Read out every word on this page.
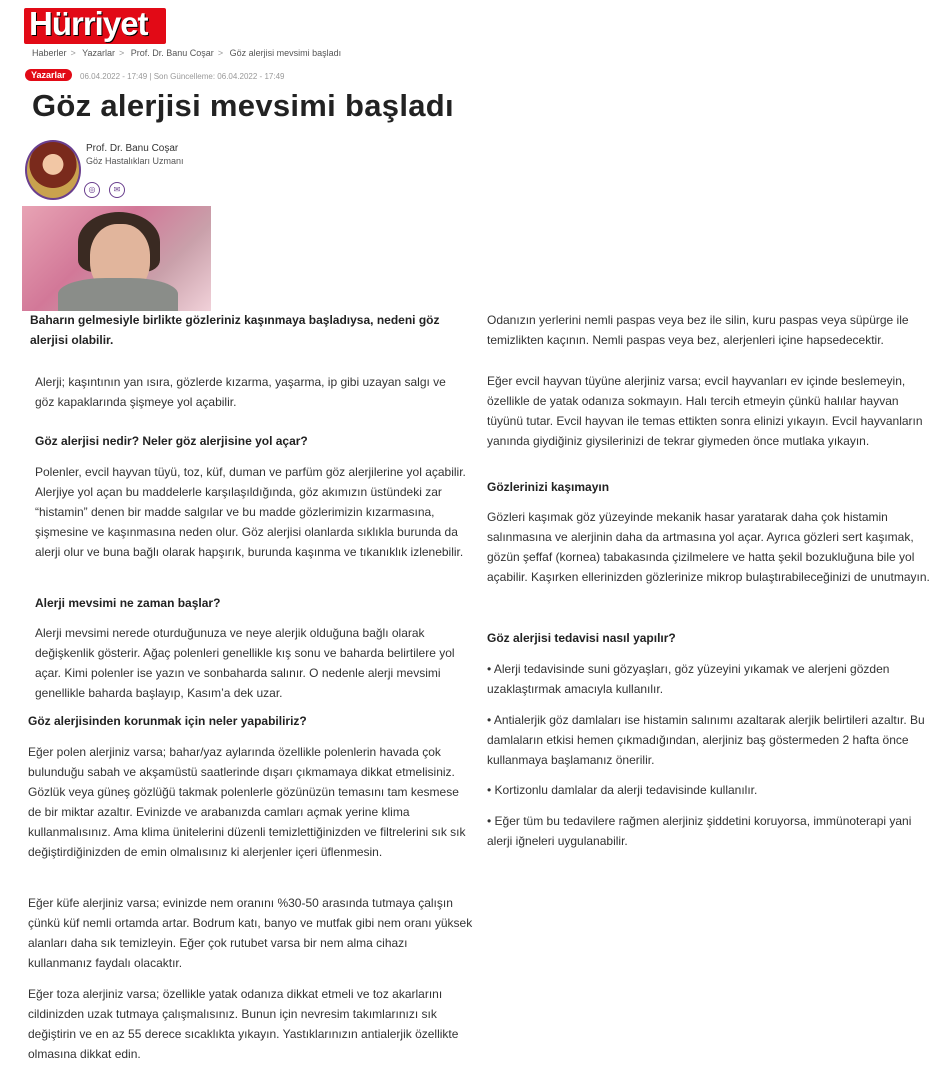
Hürriyet
Haberler > Yazarlar > Prof. Dr. Banu Coşar > Göz alerjisi mevsimi başladı
Yazarlar	06.04.2022 - 17:49 | Son Güncelleme: 06.04.2022 - 17:49
Göz alerjisi mevsimi başladı
Prof. Dr. Banu Coşar
Göz Hastalıkları Uzmanı
◎	✉

Baharın gelmesiyle birlikte gözleriniz kaşınmaya başladıysa, nedeni göz alerjisi olabilir.

Alerji; kaşıntının yan ısıra, gözlerde kızarma, yaşarma, ip gibi uzayan salgı ve göz kapaklarında şişmeye yol açabilir.

Göz alerjisi nedir? Neler göz alerjisine yol açar?

Polenler, evcil hayvan tüyü, toz, küf, duman ve parfüm göz alerjilerine yol açabilir. Alerjiye yol açan bu maddelerle karşılaşıldığında, göz akımızın üstündeki zar “histamin” denen bir madde salgılar ve bu madde gözlerimizin kızarmasına, şişmesine ve kaşınmasına neden olur. Göz alerjisi olanlarda sıklıkla burunda da alerji olur ve buna bağlı olarak hapşırık, burunda kaşınma ve tıkanıklık izlenebilir.

Alerji mevsimi ne zaman başlar?

Alerji mevsimi nerede oturduğunuza ve neye alerjik olduğuna bağlı olarak değişkenlik gösterir. Ağaç polenleri genellikle kış sonu ve baharda belirtilere yol açar. Kimi polenler ise yazın ve sonbaharda salınır. O nedenle alerji mevsimi genellikle baharda başlayıp, Kasım’a dek uzar.

Göz alerjisinden korunmak için neler yapabiliriz?

Eğer polen alerjiniz varsa; bahar/yaz aylarında özellikle polenlerin havada çok bulunduğu sabah ve akşamüstü saatlerinde dışarı çıkmamaya dikkat etmelisiniz. Gözlük veya güneş gözlüğü takmak polenlerle gözünüzün temasını tam kesmese de bir miktar azaltır. Evinizde ve arabanızda camları açmak yerine klima kullanmalısınız. Ama klima ünitelerini düzenli temizlettiğinizden ve filtrelerini sık sık değiştirdiğinizden de emin olmalısınız ki alerjenler içeri üflenmesin.

Eğer küfe alerjiniz varsa; evinizde nem oranını %30-50 arasında tutmaya çalışın çünkü küf nemli ortamda artar. Bodrum katı, banyo ve mutfak gibi nem oranı yüksek alanları daha sık temizleyin. Eğer çok rutubet varsa bir nem alma cihazı kullanmanız faydalı olacaktır.

Eğer toza alerjiniz varsa; özellikle yatak odanıza dikkat etmeli ve toz akarlarını cildinizden uzak tutmaya çalışmalısınız. Bunun için nevresim takımlarınızı sık değiştirin ve en az 55 derece sıcaklıkta yıkayın. Yastıklarınızın antialerjik özellikte olmasına dikkat edin.

Odanızın yerlerini nemli paspas veya bez ile silin, kuru paspas veya süpürge ile temizlikten kaçının. Nemli paspas veya bez, alerjenleri içine hapsedecektir.

Eğer evcil hayvan tüyüne alerjiniz varsa; evcil hayvanları ev içinde beslemeyin, özellikle de yatak odanıza sokmayın. Halı tercih etmeyin çünkü halılar hayvan tüyünü tutar. Evcil hayvan ile temas ettikten sonra elinizi yıkayın. Evcil hayvanların yanında giydiğiniz giysilerinizi de tekrar giymeden önce mutlaka yıkayın.

Gözlerinizi kaşımayın

Gözleri kaşımak göz yüzeyinde mekanik hasar yaratarak daha çok histamin salınmasına ve alerjinin daha da artmasına yol açar. Ayrıca gözleri sert kaşımak, gözün şeffaf (kornea) tabakasında çizilmelere ve hatta şekil bozukluğuna bile yol açabilir. Kaşırken ellerinizden gözlerinize mikrop bulaştırabileceğinizi de unutmayın.

Göz alerjisi tedavisi nasıl yapılır?

• Alerji tedavisinde suni gözyaşları, göz yüzeyini yıkamak ve alerjeni gözden uzaklaştırmak amacıyla kullanılır.

• Antialerjik göz damlaları ise histamin salınımı azaltarak alerjik belirtileri azaltır. Bu damlaların etkisi hemen çıkmadığından, alerjiniz baş göstermeden 2 hafta önce kullanmaya başlamanız önerilir.

• Kortizonlu damlalar da alerji tedavisinde kullanılır.

• Eğer tüm bu tedavilere rağmen alerjiniz şiddetini koruyorsa, immünoterapi yani alerji iğneleri uygulanabilir.
